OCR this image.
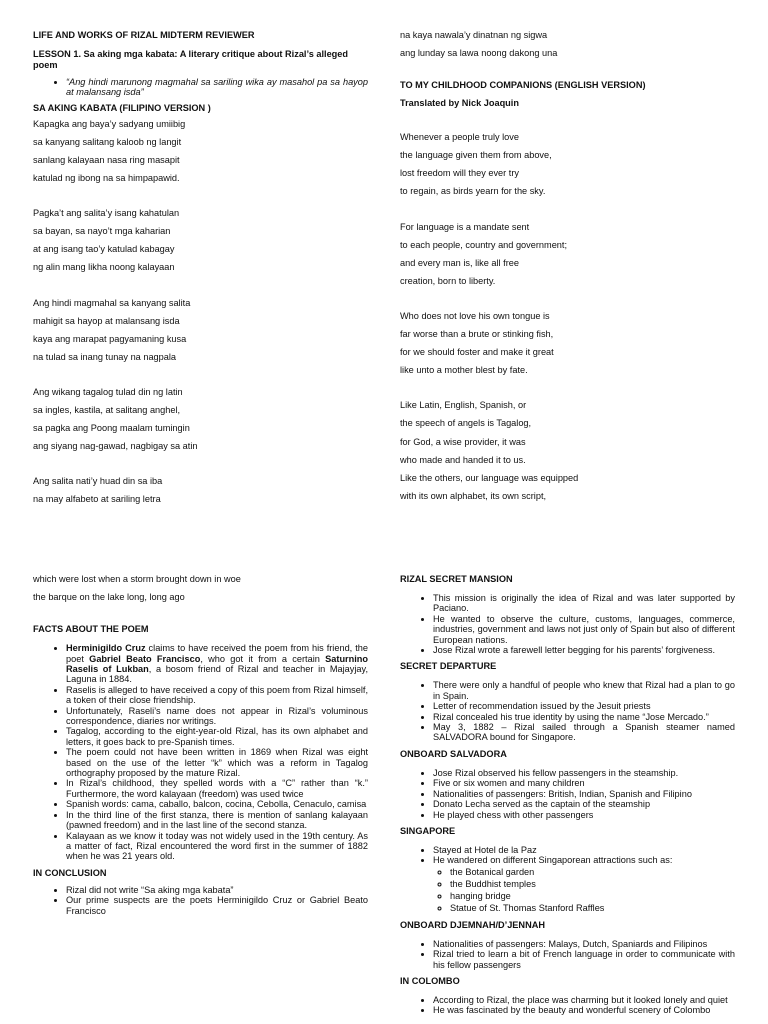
LIFE AND WORKS OF RIZAL MIDTERM REVIEWER
LESSON 1. Sa aking mga kabata: A literary critique about Rizal’s alleged poem
• “Ang hindi marunong magmahal sa sariling wika ay masahol pa sa hayop at malansang isda”
SA AKING KABATA (FILIPINO VERSION )
Kapagka ang baya’y sadyang umiibig
sa kanyang salitang kaloob ng langit
sanlang kalayaan nasa ring masapit
katulad ng ibong na sa himpapawid.
Pagka’t ang salita’y isang kahatulan
sa bayan, sa nayo’t mga kaharian
at ang isang tao’y katulad kabagay
ng alin mang likha noong kalayaan
Ang hindi magmahal sa kanyang salita
mahigit sa hayop at malansang isda
kaya ang marapat pagyamaning kusa
na tulad sa inang tunay na nagpala
Ang wikang tagalog tulad din ng latin
sa ingles, kastila, at salitang anghel,
sa pagka ang Poong maalam tumingin
ang siyang nag-gawad, nagbigay sa atin
Ang salita nati’y huad din sa iba
na may alfabeto at sariling letra
na kaya nawala’y dinatnan ng sigwa
ang lunday sa lawa noong dakong una
TO MY CHILDHOOD COMPANIONS (ENGLISH VERSION)
Translated by Nick Joaquin
Whenever a people truly love
the language given them from above,
lost freedom will they ever try
to regain, as birds yearn for the sky.
For language is a mandate sent
to each people, country and government;
and every man is, like all free
creation, born to liberty.
Who does not love his own tongue is
far worse than a brute or stinking fish,
for we should foster and make it great
like unto a mother blest by fate.
Like Latin, English, Spanish, or
the speech of angels is Tagalog,
for God, a wise provider, it was
who made and handed it to us.
Like the others, our language was equipped
with its own alphabet, its own script,
which were lost when a storm brought down in woe
the barque on the lake long, long ago
FACTS ABOUT THE POEM
• Herminigildo Cruz claims to have received the poem from his friend, the poet Gabriel Beato Francisco, who got it from a certain Saturnino Raselis of Lukban, a bosom friend of Rizal and teacher in Majayjay, Laguna in 1884.
• Raselis is alleged to have received a copy of this poem from Rizal himself, a token of their close friendship.
• Unfortunately, Raseli’s name does not appear in Rizal’s voluminous correspondence, diaries nor writings.
• Tagalog, according to the eight-year-old Rizal, has its own alphabet and letters, it goes back to pre-Spanish times.
• The poem could not have been written in 1869 when Rizal was eight based on the use of the letter “k” which was a reform in Tagalog orthography proposed by the mature Rizal.
• In Rizal’s childhood, they spelled words with a “C” rather than “k.” Furthermore, the word kalayaan (freedom) was used twice
• Spanish words: cama, caballo, balcon, cocina, Cebolla, Cenaculo, camisa
• In the third line of the first stanza, there is mention of sanlang kalayaan (pawned freedom) and in the last line of the second stanza.
• Kalayaan as we know it today was not widely used in the 19th century. As a matter of fact, Rizal encountered the word first in the summer of 1882 when he was 21 years old.
IN CONCLUSION
• Rizal did not write “Sa aking mga kabata”
• Our prime suspects are the poets Herminigildo Cruz or Gabriel Beato Francisco
RIZAL SECRET MANSION
• This mission is originally the idea of Rizal and was later supported by Paciano.
• He wanted to observe the culture, customs, languages, commerce, industries, government and laws not just only of Spain but also of different European nations.
• Jose Rizal wrote a farewell letter begging for his parents’ forgiveness.
SECRET DEPARTURE
• There were only a handful of people who knew that Rizal had a plan to go in Spain.
• Letter of recommendation issued by the Jesuit priests
• Rizal concealed his true identity by using the name “Jose Mercado.”
• May 3, 1882 – Rizal sailed through a Spanish steamer named SALVADORA bound for Singapore.
ONBOARD SALVADORA
• Jose Rizal observed his fellow passengers in the steamship.
• Five or six women and many children
• Nationalities of passengers: British, Indian, Spanish and Filipino
• Donato Lecha served as the captain of the steamship
• He played chess with other passengers
SINGAPORE
• Stayed at Hotel de la Paz
• He wandered on different Singaporean attractions such as:
◦ the Botanical garden
◦ the Buddhist temples
◦ hanging bridge
◦ Statue of St. Thomas Stanford Raffles
ONBOARD DJEMNAH/D’JENNAH
• Nationalities of passengers: Malays, Dutch, Spaniards and Filipinos
• Rizal tried to learn a bit of French language in order to communicate with his fellow passengers
IN COLOMBO
• According to Rizal, the place was charming but it looked lonely and quiet
• He was fascinated by the beauty and wonderful scenery of Colombo
